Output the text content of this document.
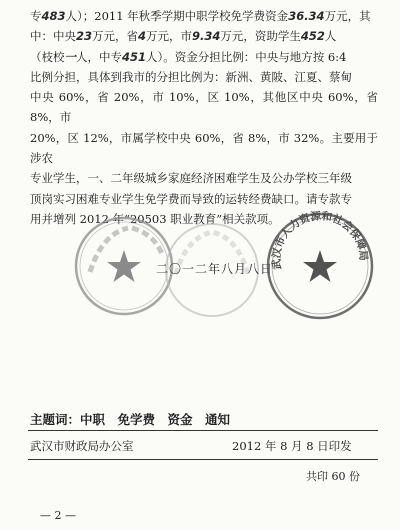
专483人）；2011 年秋季学期中职学校免学费资金36.34万元，其

中：中央23万元，省4万元，市9.34万元，资助学生452人

（枝校一人，中专451人）。资金分担比例：中央与地方按 6:4

比例分担，具体到我市的分担比例为：新洲、黄陂、江夏、蔡甸

中央 60%，省 20%，市 10%，区 10%，其他区中央 60%，省 8%，市

20%，区 12%，市属学校中央 60%，省 8%，市 32%。主要用于涉农

专业学生，一、二年级城乡家庭经济困难学生及公办学校三年级

顶岗实习困难专业学生免学费而导致的运转经费缺口。请专款专

用并增列 2012 年“20503 职业教育”相关款项。

二〇一二年八月八日
武汉市人力资源和社会保障局
主题词：中职　免学费　资金　通知
武汉市财政局办公室	2012 年 8 月 8 日印发
共印 60 份
— 2 —
